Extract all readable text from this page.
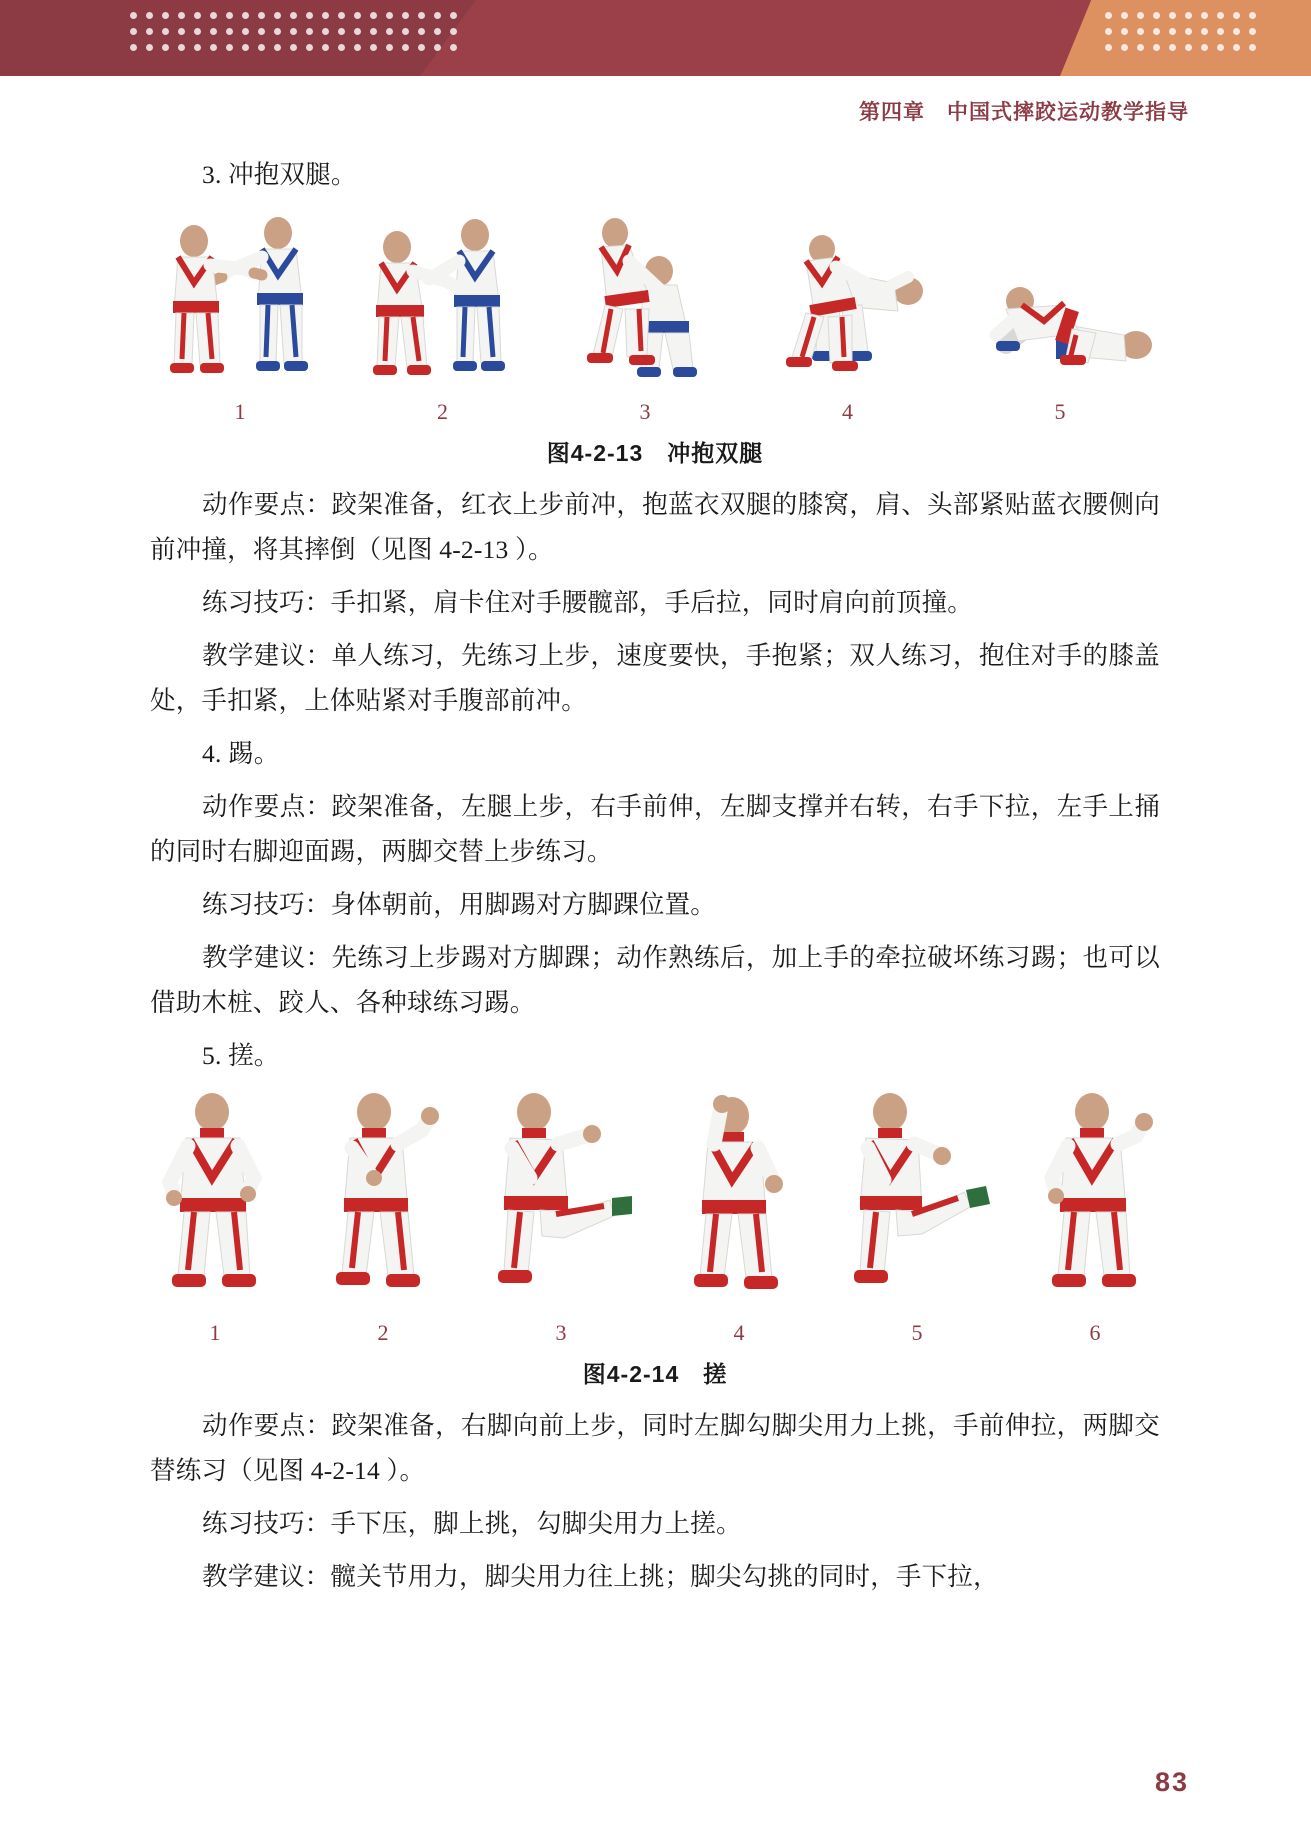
第四章　中国式摔跤运动教学指导

3. 冲抱双腿。

1	2	3	4	5
图4-2-13　冲抱双腿

动作要点：跤架准备，红衣上步前冲，抱蓝衣双腿的膝窝，肩、头部紧贴蓝衣腰侧向前冲撞，将其摔倒（见图 4-2-13 ）。

练习技巧：手扣紧，肩卡住对手腰髋部，手后拉，同时肩向前顶撞。

教学建议：单人练习，先练习上步，速度要快，手抱紧；双人练习，抱住对手的膝盖处，手扣紧，上体贴紧对手腹部前冲。

4. 踢。

动作要点：跤架准备，左腿上步，右手前伸，左脚支撑并右转，右手下拉，左手上捅的同时右脚迎面踢，两脚交替上步练习。

练习技巧：身体朝前，用脚踢对方脚踝位置。

教学建议：先练习上步踢对方脚踝；动作熟练后，加上手的牵拉破坏练习踢；也可以借助木桩、跤人、各种球练习踢。

5. 搓。

1	2	3	4	5	6
图4-2-14　搓

动作要点：跤架准备，右脚向前上步，同时左脚勾脚尖用力上挑，手前伸拉，两脚交替练习（见图 4-2-14 ）。

练习技巧：手下压，脚上挑，勾脚尖用力上搓。

教学建议：髋关节用力，脚尖用力往上挑；脚尖勾挑的同时，手下拉，

83
